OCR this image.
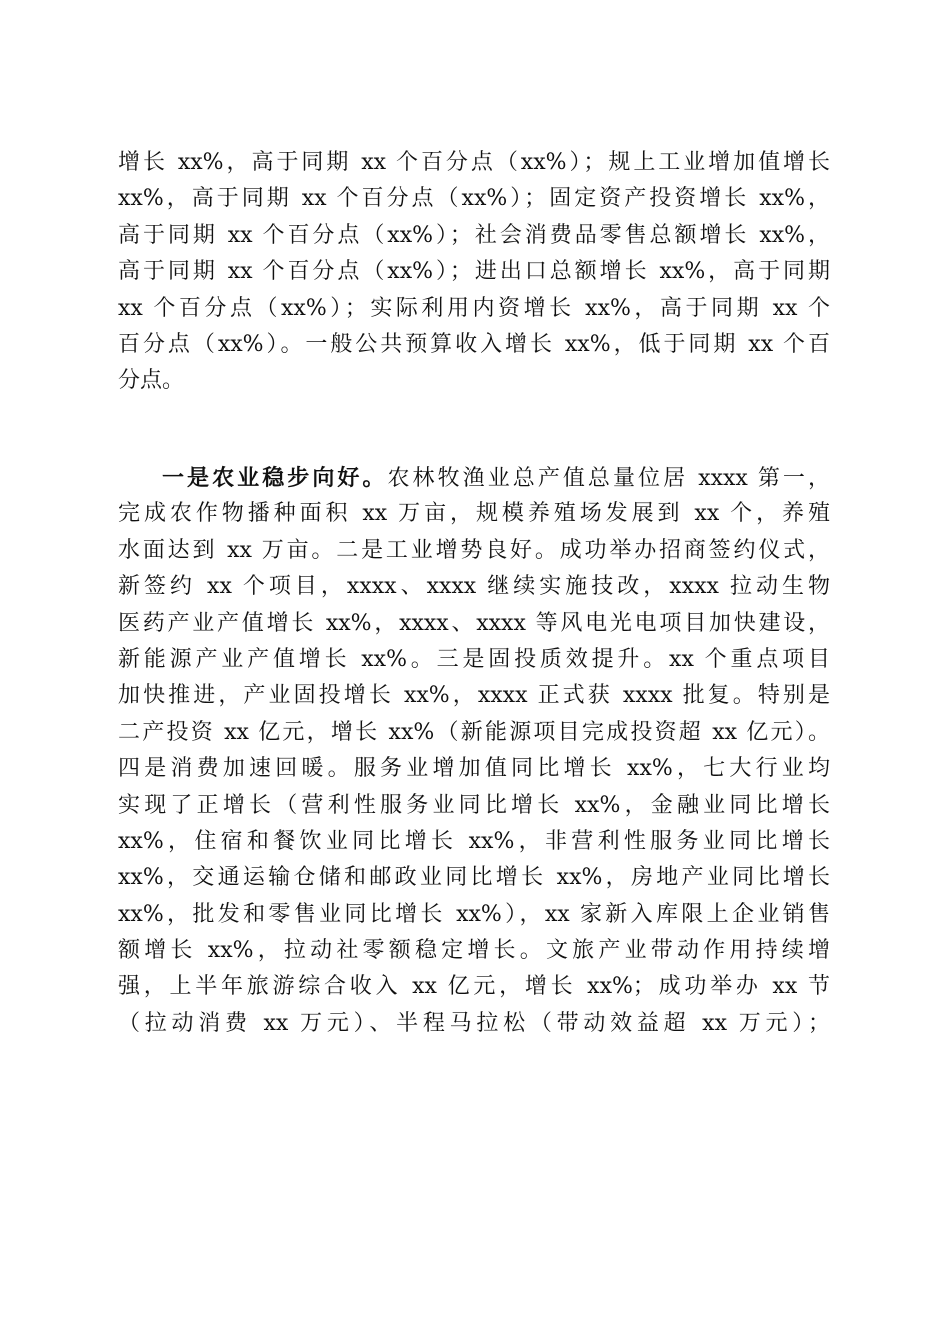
增长 xx%，高于同期 xx 个百分点（xx%）；规上工业增加值增长
xx%，高于同期 xx 个百分点（xx%）；固定资产投资增长 xx%，
高于同期 xx 个百分点（xx%）；社会消费品零售总额增长 xx%，
高于同期 xx 个百分点（xx%）；进出口总额增长 xx%，高于同期
xx 个百分点（xx%）；实际利用内资增长 xx%，高于同期 xx 个
百分点（xx%）。一般公共预算收入增长 xx%，低于同期 xx 个百
分点。
一是农业稳步向好。农林牧渔业总产值总量位居 xxxx 第一，
完成农作物播种面积 xx 万亩，规模养殖场发展到 xx 个，养殖
水面达到 xx 万亩。二是工业增势良好。成功举办招商签约仪式，
新签约 xx 个项目，xxxx、xxxx 继续实施技改，xxxx 拉动生物
医药产业产值增长 xx%，xxxx、xxxx 等风电光电项目加快建设，
新能源产业产值增长 xx%。三是固投质效提升。xx 个重点项目
加快推进，产业固投增长 xx%，xxxx 正式获 xxxx 批复。特别是
二产投资 xx 亿元，增长 xx%（新能源项目完成投资超 xx 亿元）。
四是消费加速回暖。服务业增加值同比增长 xx%，七大行业均
实现了正增长（营利性服务业同比增长 xx%，金融业同比增长
xx%，住宿和餐饮业同比增长 xx%，非营利性服务业同比增长
xx%，交通运输仓储和邮政业同比增长 xx%，房地产业同比增长
xx%，批发和零售业同比增长 xx%），xx 家新入库限上企业销售
额增长 xx%，拉动社零额稳定增长。文旅产业带动作用持续增
强，上半年旅游综合收入 xx 亿元，增长 xx%；成功举办 xx 节
（拉动消费 xx 万元）、半程马拉松（带动效益超 xx 万元）；
